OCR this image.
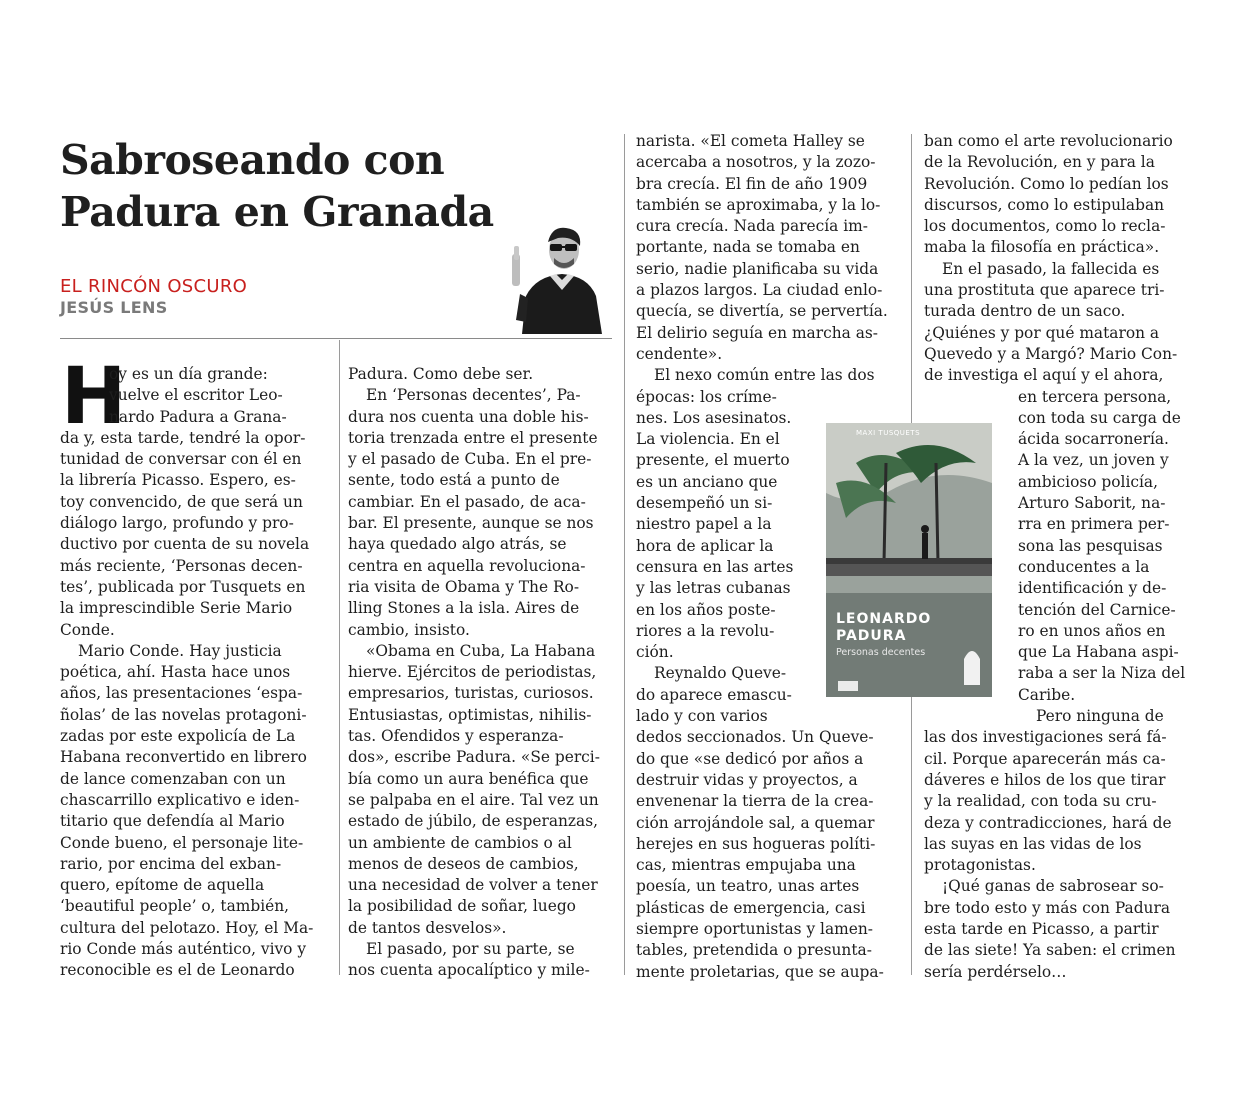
Sabroseando con
Padura en Granada
EL RINCÓN OSCURO
JESÚS LENS
H
oy es un día grande:
vuelve el escritor Leo-
nardo Padura a Grana-
da y, esta tarde, tendré la opor-
tunidad de conversar con él en
la librería Picasso. Espero, es-
toy convencido, de que será un
diálogo largo, profundo y pro-
ductivo por cuenta de su novela
más reciente, ‘Personas decen-
tes’, publicada por Tusquets en
la imprescindible Serie Mario
Conde.
Mario Conde. Hay justicia
poética, ahí. Hasta hace unos
años, las presentaciones ‘espa-
ñolas’ de las novelas protagoni-
zadas por este expolicía de La
Habana reconvertido en librero
de lance comenzaban con un
chascarrillo explicativo e iden-
titario que defendía al Mario
Conde bueno, el personaje lite-
rario, por encima del exban-
quero, epítome de aquella
‘beautiful people’ o, también,
cultura del pelotazo. Hoy, el Ma-
rio Conde más auténtico, vivo y
reconocible es el de Leonardo
Padura. Como debe ser.
En ‘Personas decentes’, Pa-
dura nos cuenta una doble his-
toria trenzada entre el presente
y el pasado de Cuba. En el pre-
sente, todo está a punto de
cambiar. En el pasado, de aca-
bar. El presente, aunque se nos
haya quedado algo atrás, se
centra en aquella revoluciona-
ria visita de Obama y The Ro-
lling Stones a la isla. Aires de
cambio, insisto.
«Obama en Cuba, La Habana
hierve. Ejércitos de periodistas,
empresarios, turistas, curiosos.
Entusiastas, optimistas, nihilis-
tas. Ofendidos y esperanza-
dos», escribe Padura. «Se perci-
bía como un aura benéfica que
se palpaba en el aire. Tal vez un
estado de júbilo, de esperanzas,
un ambiente de cambios o al
menos de deseos de cambios,
una necesidad de volver a tener
la posibilidad de soñar, luego
de tantos desvelos».
El pasado, por su parte, se
nos cuenta apocalíptico y mile-
narista. «El cometa Halley se
acercaba a nosotros, y la zozo-
bra crecía. El fin de año 1909
también se aproximaba, y la lo-
cura crecía. Nada parecía im-
portante, nada se tomaba en
serio, nadie planificaba su vida
a plazos largos. La ciudad enlo-
quecía, se divertía, se pervertía.
El delirio seguía en marcha as-
cendente».
El nexo común entre las dos
épocas: los críme-
nes. Los asesinatos.
La violencia. En el
presente, el muerto
es un anciano que
desempeñó un si-
niestro papel a la
hora de aplicar la
censura en las artes
y las letras cubanas
en los años poste-
riores a la revolu-
ción.
Reynaldo Queve-
do aparece emascu-
lado y con varios
dedos seccionados. Un Queve-
do que «se dedicó por años a
destruir vidas y proyectos, a
envenenar la tierra de la crea-
ción arrojándole sal, a quemar
herejes en sus hogueras políti-
cas, mientras empujaba una
poesía, un teatro, unas artes
plásticas de emergencia, casi
siempre oportunistas y lamen-
tables, pretendida o presunta-
mente proletarias, que se aupa-
ban como el arte revolucionario
de la Revolución, en y para la
Revolución. Como lo pedían los
discursos, como lo estipulaban
los documentos, como lo recla-
maba la filosofía en práctica».
En el pasado, la fallecida es
una prostituta que aparece tri-
turada dentro de un saco.
¿Quiénes y por qué mataron a
Quevedo y a Margó? Mario Con-
de investiga el aquí y el ahora,
en tercera persona,
con toda su carga de
ácida socarronería.
A la vez, un joven y
ambicioso policía,
Arturo Saborit, na-
rra en primera per-
sona las pesquisas
conducentes a la
identificación y de-
tención del Carnice-
ro en unos años en
que La Habana aspi-
raba a ser la Niza del
Caribe.
Pero ninguna de
las dos investigaciones será fá-
cil. Porque aparecerán más ca-
dáveres e hilos de los que tirar
y la realidad, con toda su cru-
deza y contradicciones, hará de
las suyas en las vidas de los
protagonistas.
¡Qué ganas de sabrosear so-
bre todo esto y más con Padura
esta tarde en Picasso, a partir
de las siete! Ya saben: el crimen
sería perdérselo…
MAXI TUSQUETS
LEONARDO
PADURA
Personas decentes
